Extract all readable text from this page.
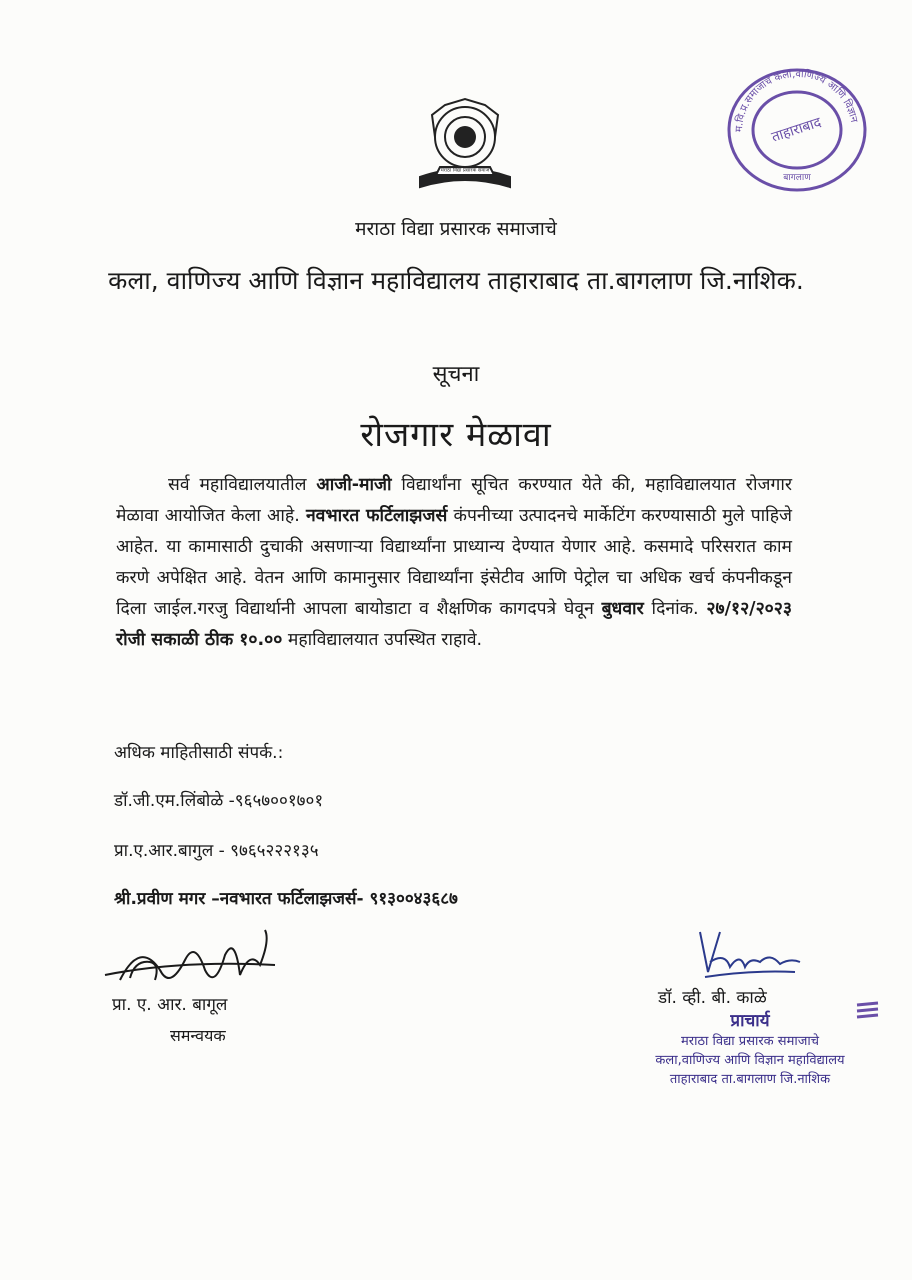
मराठा विद्या प्रसारक समाज
म.वि.प्र.समाजाचे कला,वाणिज्य आणि विज्ञान
ताहाराबाद
बागलाण
मराठा विद्या प्रसारक समाजाचे
कला, वाणिज्य आणि विज्ञान महाविद्यालय ताहाराबाद ता.बागलाण जि.नाशिक.
सूचना
रोजगार मेळावा
सर्व महाविद्यालयातील आजी-माजी विद्यार्थांना सूचित करण्यात येते की, महाविद्यालयात रोजगार मेळावा आयोजित केला आहे. नवभारत फर्टिलाझजर्स कंपनीच्या उत्पादनचे मार्केटिंग करण्यासाठी मुले पाहिजे आहेत. या कामासाठी दुचाकी असणाऱ्या विद्यार्थ्यांना प्राध्यान्य देण्यात येणार आहे. कसमादे परिसरात काम करणे अपेक्षित आहे. वेतन आणि कामानुसार विद्यार्थ्यांना इंसेटीव आणि पेट्रोल चा अधिक खर्च कंपनीकडून दिला जाईल.गरजु विद्यार्थानी आपला बायोडाटा व शैक्षणिक कागदपत्रे घेवून बुधवार दिनांक. २७/१२/२०२३ रोजी सकाळी ठीक १०.०० महाविद्यालयात उपस्थित राहावे.
अधिक माहितीसाठी संपर्क.:
डॉ.जी.एम.लिंबोळे -९६५७००१७०१
प्रा.ए.आर.बागुल - ९७६५२२२१३५
श्री.प्रवीण मगर –नवभारत फर्टिलाझजर्स- ९१३००४३६८७
प्रा. ए. आर. बागूल
समन्वयक
डॉ. व्ही. बी. काळे
प्राचार्य
मराठा विद्या प्रसारक समाजाचे
कला,वाणिज्य आणि विज्ञान महाविद्यालय
ताहाराबाद ता.बागलाण जि.नाशिक
